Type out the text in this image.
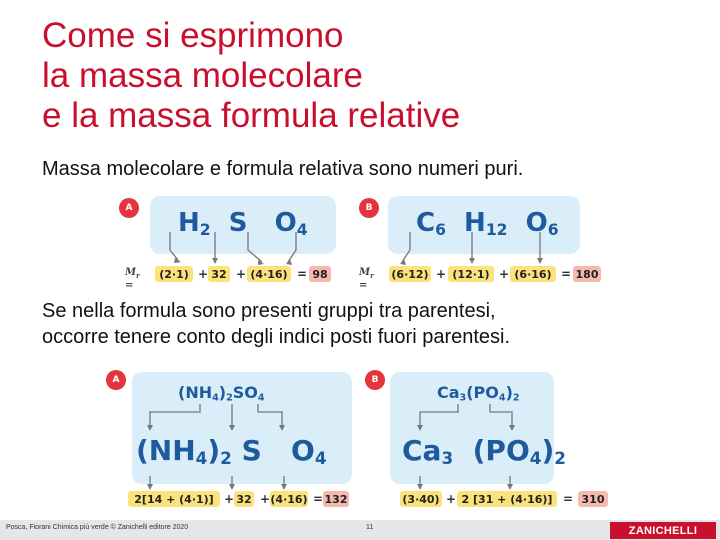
Come si esprimono
la massa molecolare
e la massa formula relative
Massa molecolare e formula relativa sono numeri puri.
A $H_2$  S   $O_4$
B $C_6$  $H_{12}$  $O_6$
$M_r$ =
(2·1) + 32 + (4·16) = 98	$M_r$ =
(6·12) + (12·1) + (6·16) = 180
Se nella formula sono presenti gruppi tra parentesi,
occorre tenere conto degli indici posti fuori parentesi.
A
$(NH_4)_2SO_4$
$(NH_4)_2$ S   $O_4$
B
$Ca_3(PO_4)_2$
$Ca_3$  $(PO_4)_2$
2[14 + (4·1)] + 32 + (4·16) = 132	(3·40) + 2 [31 + (4·16)] = 310
Posca, Fiorani Chimica più verde © Zanichelli editore 2020	11	ZANICHELLI
